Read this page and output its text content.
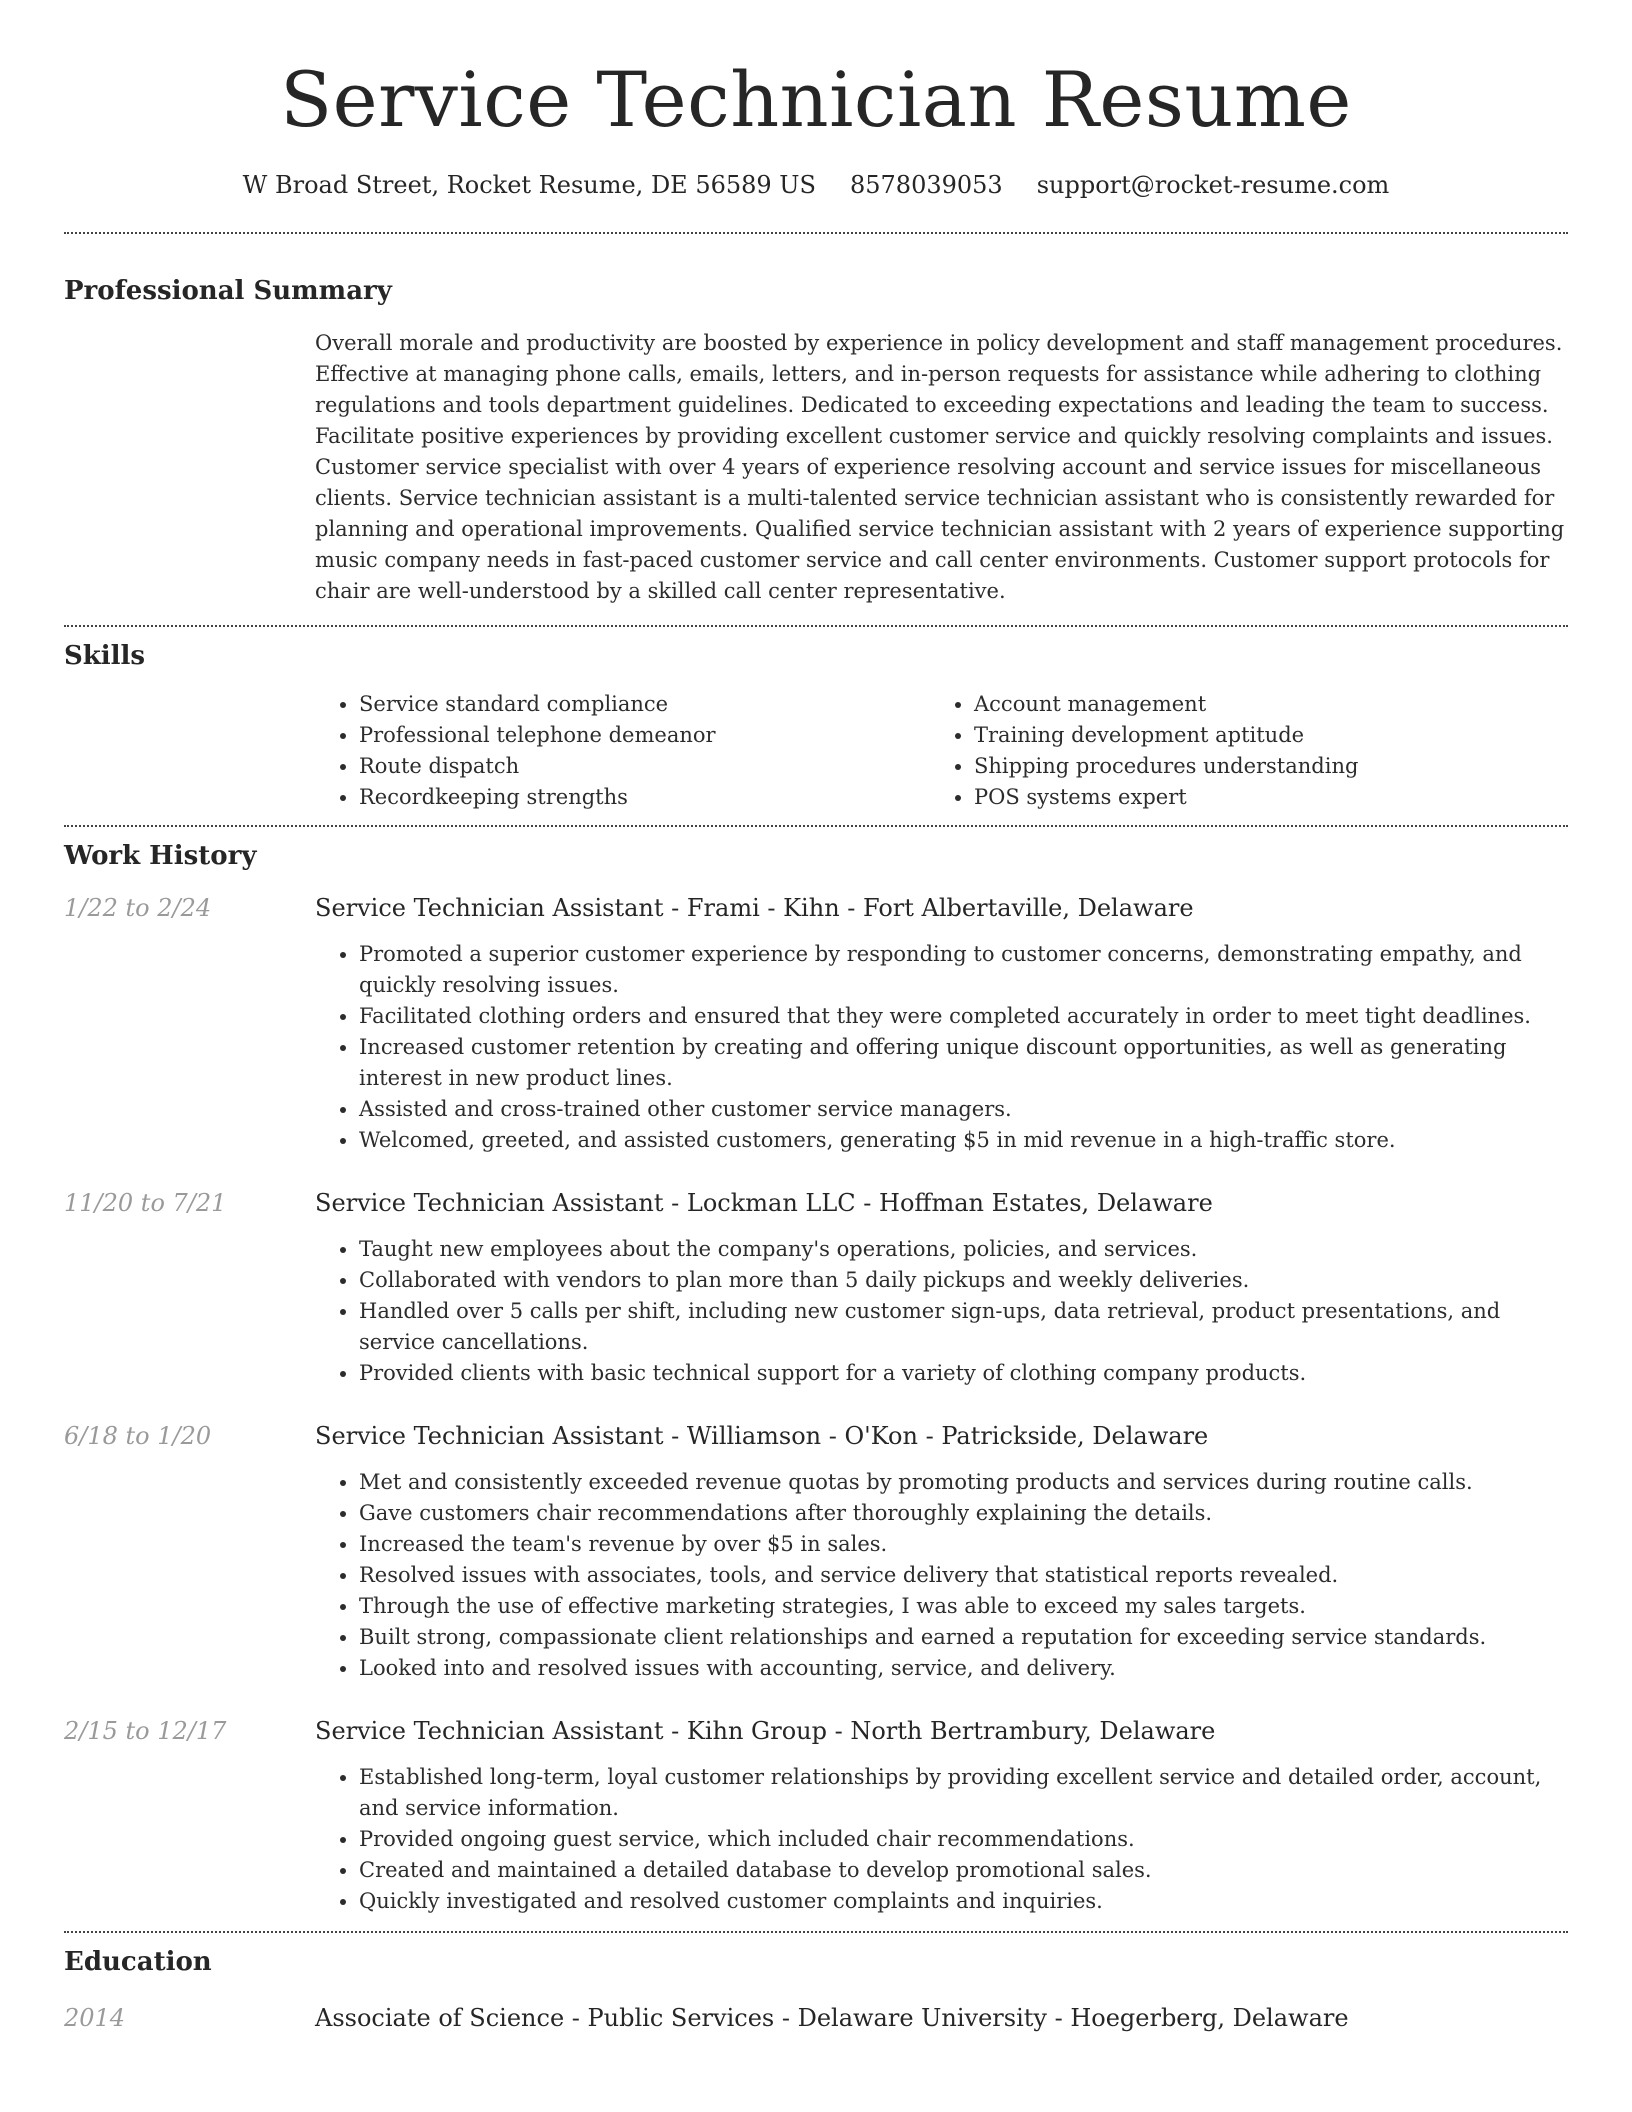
Service Technician Resume
W Broad Street, Rocket Resume, DE 56589 US 8578039053 support@rocket-resume.com
Professional Summary
Overall morale and productivity are boosted by experience in policy development and staff management procedures. Effective at managing phone calls, emails, letters, and in-person requests for assistance while adhering to clothing regulations and tools department guidelines. Dedicated to exceeding expectations and leading the team to success. Facilitate positive experiences by providing excellent customer service and quickly resolving complaints and issues. Customer service specialist with over 4 years of experience resolving account and service issues for miscellaneous clients. Service technician assistant is a multi-talented service technician assistant who is consistently rewarded for planning and operational improvements. Qualified service technician assistant with 2 years of experience supporting music company needs in fast-paced customer service and call center environments. Customer support protocols for chair are well-understood by a skilled call center representative.
Skills
• Service standard compliance
• Professional telephone demeanor
• Route dispatch
• Recordkeeping strengths
• Account management
• Training development aptitude
• Shipping procedures understanding
• POS systems expert
Work History
1/22 to 2/24	Service Technician Assistant - Frami - Kihn - Fort Albertaville, Delaware
• Promoted a superior customer experience by responding to customer concerns, demonstrating empathy, and quickly resolving issues.
• Facilitated clothing orders and ensured that they were completed accurately in order to meet tight deadlines.
• Increased customer retention by creating and offering unique discount opportunities, as well as generating interest in new product lines.
• Assisted and cross-trained other customer service managers.
• Welcomed, greeted, and assisted customers, generating $5 in mid revenue in a high-traffic store.
11/20 to 7/21	Service Technician Assistant - Lockman LLC - Hoffman Estates, Delaware
• Taught new employees about the company's operations, policies, and services.
• Collaborated with vendors to plan more than 5 daily pickups and weekly deliveries.
• Handled over 5 calls per shift, including new customer sign-ups, data retrieval, product presentations, and service cancellations.
• Provided clients with basic technical support for a variety of clothing company products.
6/18 to 1/20	Service Technician Assistant - Williamson - O'Kon - Patrickside, Delaware
• Met and consistently exceeded revenue quotas by promoting products and services during routine calls.
• Gave customers chair recommendations after thoroughly explaining the details.
• Increased the team's revenue by over $5 in sales.
• Resolved issues with associates, tools, and service delivery that statistical reports revealed.
• Through the use of effective marketing strategies, I was able to exceed my sales targets.
• Built strong, compassionate client relationships and earned a reputation for exceeding service standards.
• Looked into and resolved issues with accounting, service, and delivery.
2/15 to 12/17	Service Technician Assistant - Kihn Group - North Bertrambury, Delaware
• Established long-term, loyal customer relationships by providing excellent service and detailed order, account, and service information.
• Provided ongoing guest service, which included chair recommendations.
• Created and maintained a detailed database to develop promotional sales.
• Quickly investigated and resolved customer complaints and inquiries.
Education
2014	Associate of Science - Public Services - Delaware University - Hoegerberg, Delaware
